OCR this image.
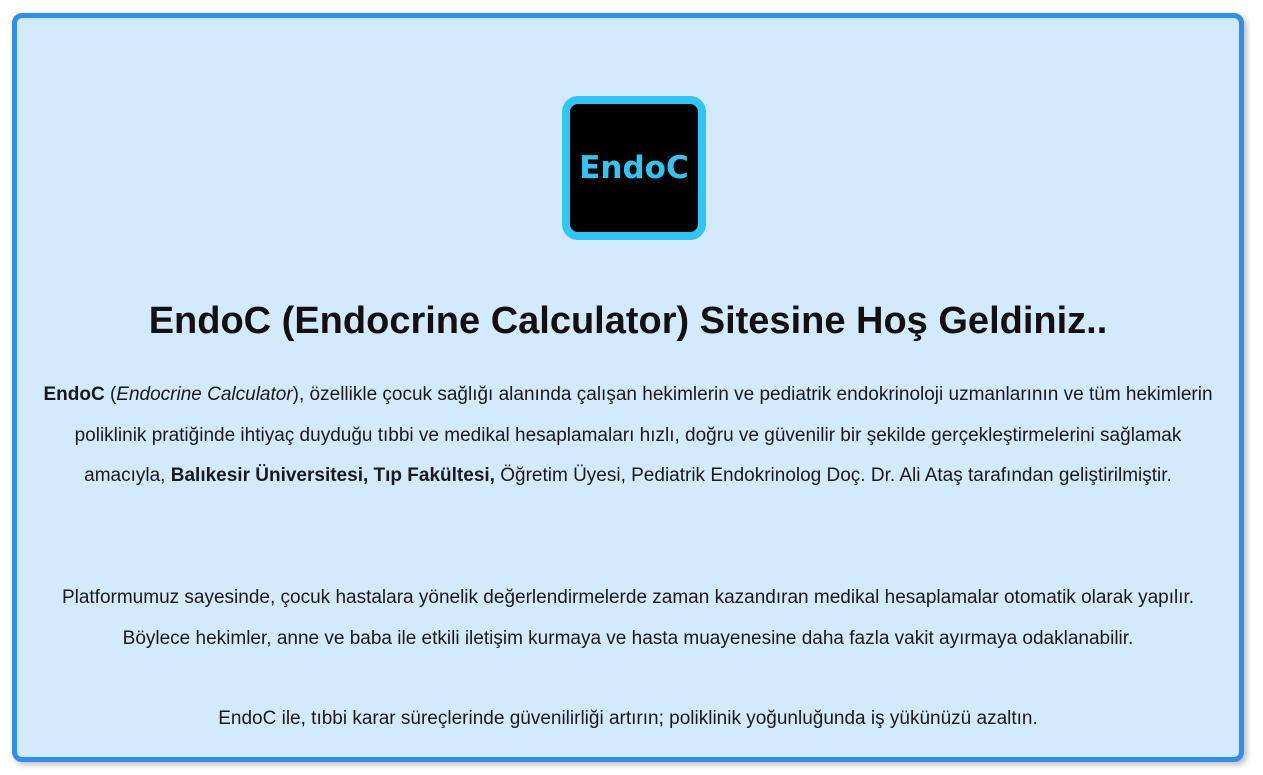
EndoC
EndoC (Endocrine Calculator) Sitesine Hoş Geldiniz..

EndoC (Endocrine Calculator), özellikle çocuk sağlığı alanında çalışan hekimlerin ve pediatrik endokrinoloji uzmanlarının ve tüm hekimlerin poliklinik pratiğinde ihtiyaç duyduğu tıbbi ve medikal hesaplamaları hızlı, doğru ve güvenilir bir şekilde gerçekleştirmelerini sağlamak amacıyla, Balıkesir Üniversitesi, Tıp Fakültesi, Öğretim Üyesi, Pediatrik Endokrinolog Doç. Dr. Ali Ataş tarafından geliştirilmiştir.

Platformumuz sayesinde, çocuk hastalara yönelik değerlendirmelerde zaman kazandıran medikal hesaplamalar otomatik olarak yapılır. Böylece hekimler, anne ve baba ile etkili iletişim kurmaya ve hasta muayenesine daha fazla vakit ayırmaya odaklanabilir.

EndoC ile, tıbbi karar süreçlerinde güvenilirliği artırın; poliklinik yoğunluğunda iş yükünüzü azaltın.
